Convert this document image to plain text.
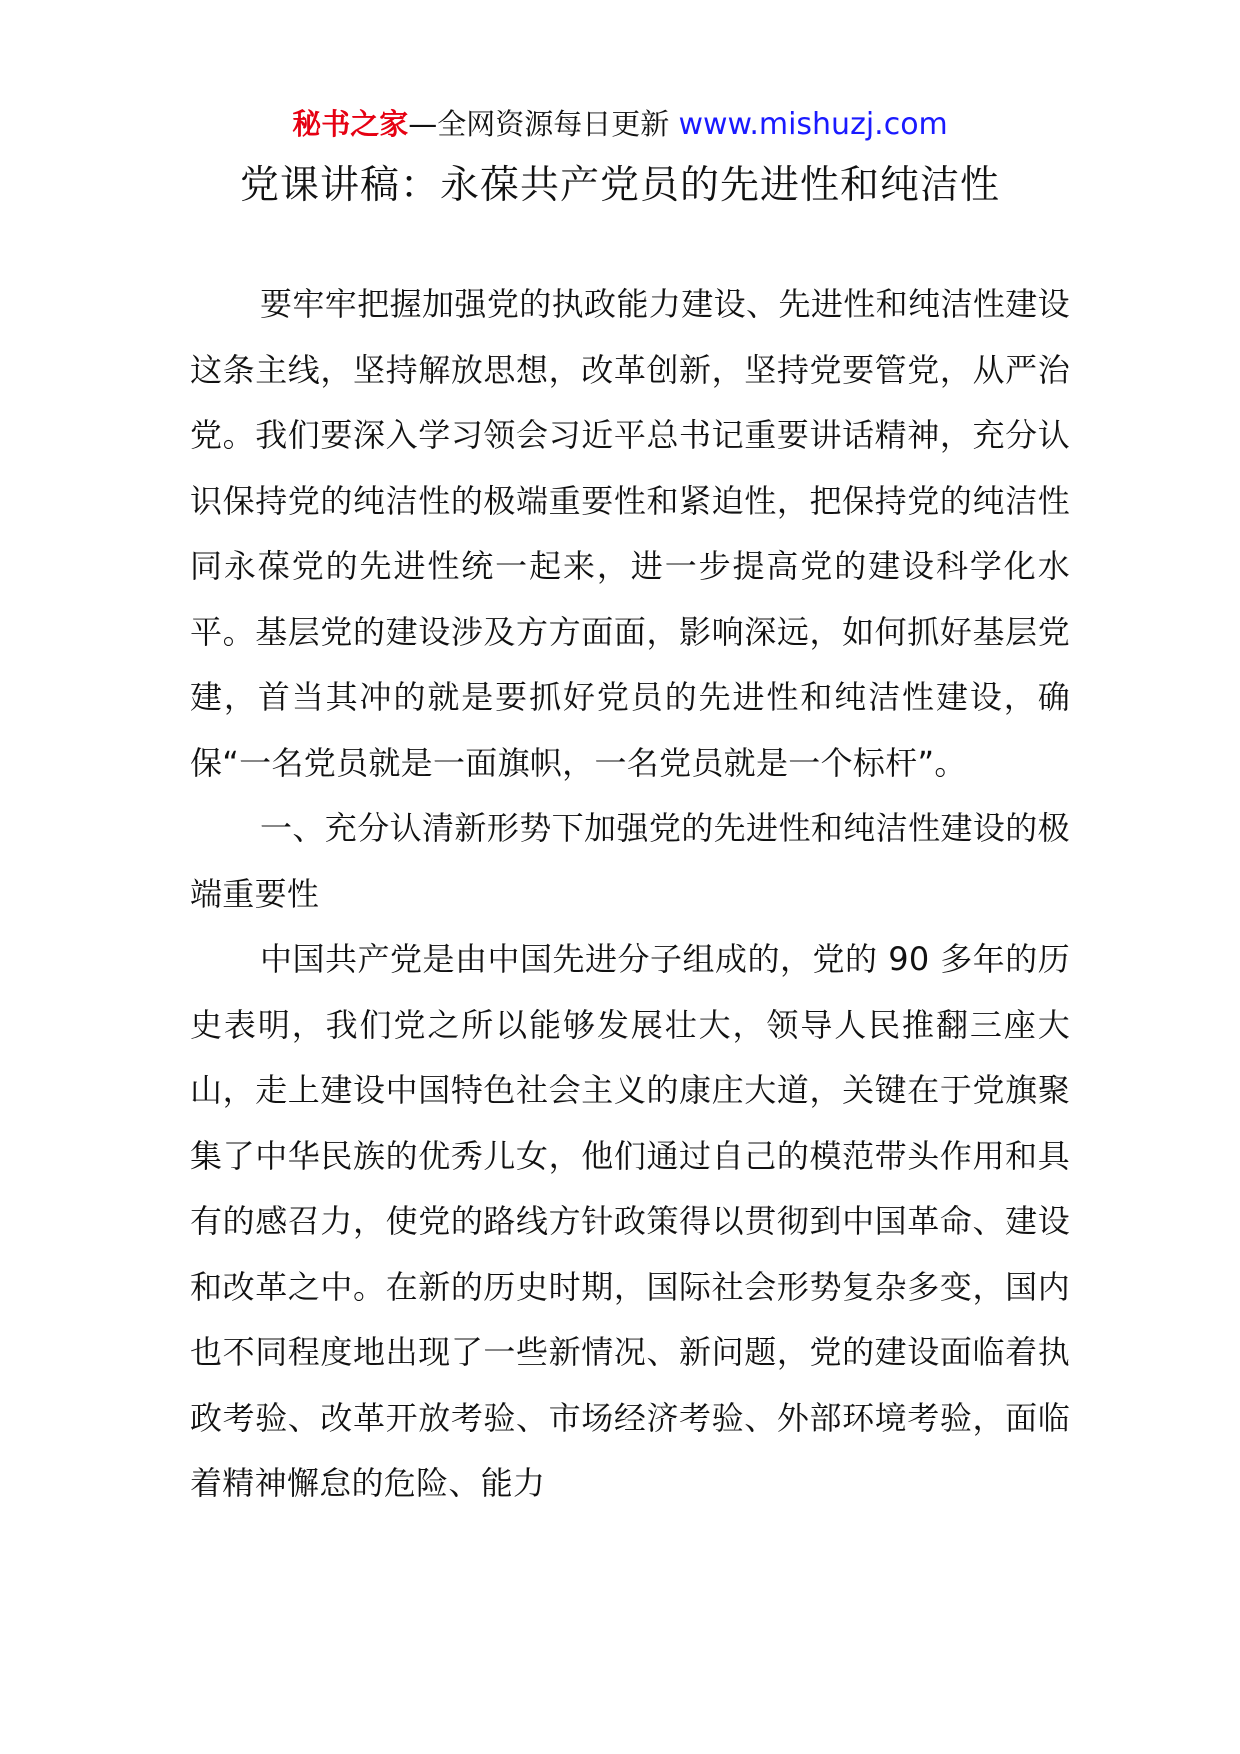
秘书之家—全网资源每日更新 www.mishuzj.com
党课讲稿：永葆共产党员的先进性和纯洁性

要牢牢把握加强党的执政能力建设、先进性和纯洁性建设这条主线，坚持解放思想，改革创新，坚持党要管党，从严治党。我们要深入学习领会习近平总书记重要讲话精神，充分认识保持党的纯洁性的极端重要性和紧迫性，把保持党的纯洁性同永葆党的先进性统一起来，进一步提高党的建设科学化水平。基层党的建设涉及方方面面，影响深远，如何抓好基层党建，首当其冲的就是要抓好党员的先进性和纯洁性建设，确保“一名党员就是一面旗帜，一名党员就是一个标杆”。

一、充分认清新形势下加强党的先进性和纯洁性建设的极端重要性

中国共产党是由中国先进分子组成的，党的 90 多年的历史表明，我们党之所以能够发展壮大，领导人民推翻三座大山，走上建设中国特色社会主义的康庄大道，关键在于党旗聚集了中华民族的优秀儿女，他们通过自己的模范带头作用和具有的感召力，使党的路线方针政策得以贯彻到中国革命、建设和改革之中。在新的历史时期，国际社会形势复杂多变，国内也不同程度地出现了一些新情况、新问题，党的建设面临着执政考验、改革开放考验、市场经济考验、外部环境考验，面临着精神懈怠的危险、能力
